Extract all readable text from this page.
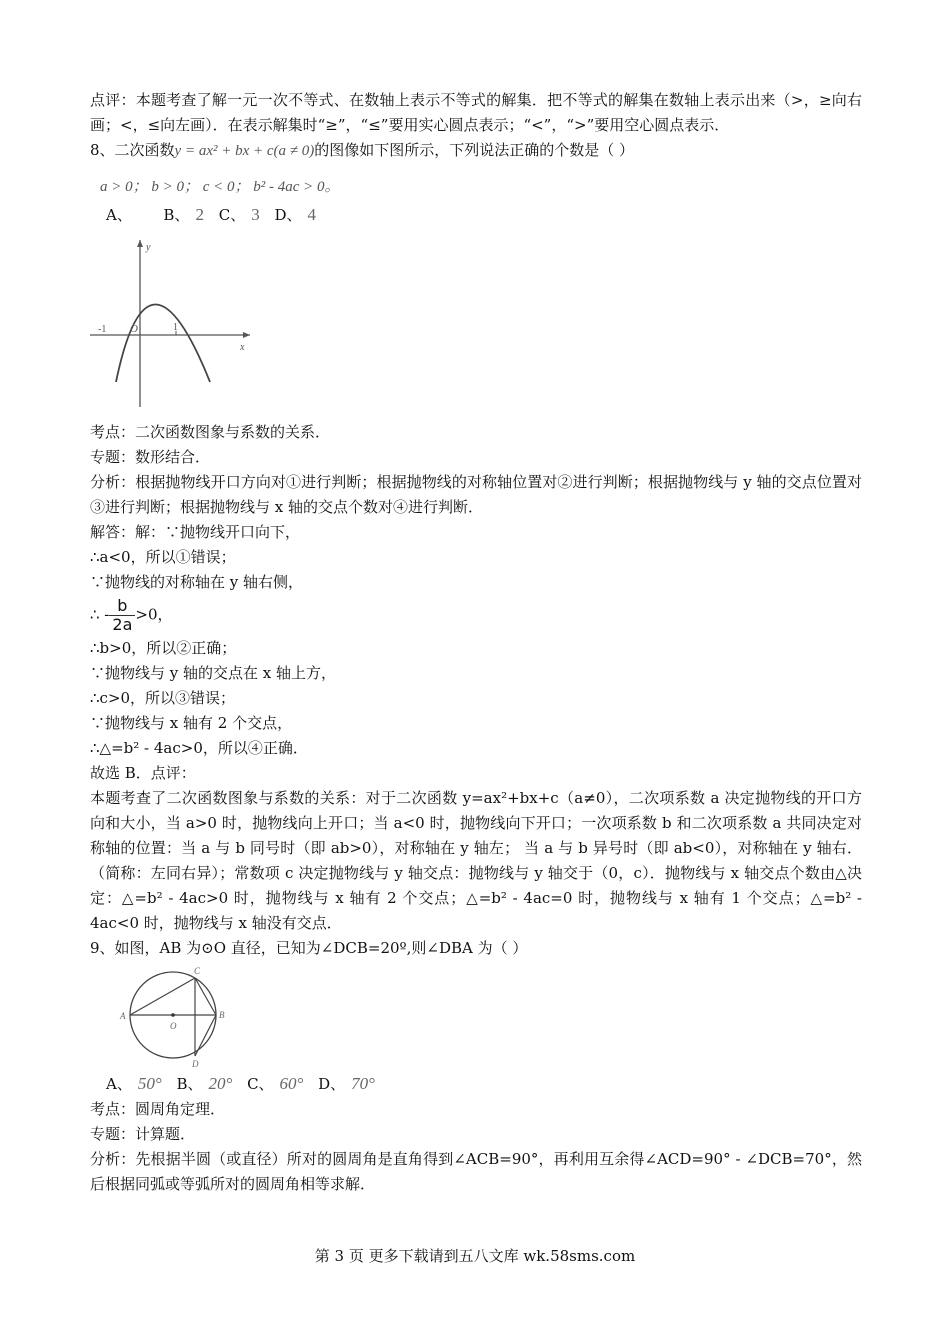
点评：本题考查了解一元一次不等式、在数轴上表示不等式的解集．把不等式的解集在数轴上表示出来（>，≥向右画；<，≤向左画）．在表示解集时“≥”，“≤”要用实心圆点表示；“<”，“>”要用空心圆点表示．

8、二次函数y = ax² + bx + c(a ≠ 0)的图像如下图所示，下列说法正确的个数是（ ）

a > 0； b > 0； c < 0； b² - 4ac > 0。

A、 B、 2 C、 3 D、 4

y
x
-1 O	1

考点：二次函数图象与系数的关系．

专题：数形结合．

分析：根据抛物线开口方向对①进行判断；根据抛物线的对称轴位置对②进行判断；根据抛物线与 y 轴的交点位置对③进行判断；根据抛物线与 x 轴的交点个数对④进行判断．

解答：解：∵抛物线开口向下，

∴a<0，所以①错误；

∵抛物线的对称轴在 y 轴右侧，

∴ - $\frac{b}{2a} >0$，

∴b>0，所以②正确；

∵抛物线与 y 轴的交点在 x 轴上方，

∴c>0，所以③错误；

∵抛物线与 x 轴有 2 个交点，

∴△=b² - 4ac>0，所以④正确．

故选 B．点评：

本题考查了二次函数图象与系数的关系：对于二次函数 y=ax²+bx+c（a≠0），二次项系数 a 决定抛物线的开口方向和大小，当 a>0 时，抛物线向上开口；当 a<0 时，抛物线向下开口；一次项系数 b 和二次项系数 a 共同决定对称轴的位置：当 a 与 b 同号时（即 ab>0），对称轴在 y 轴左； 当 a 与 b 异号时（即 ab<0），对称轴在 y 轴右．（简称：左同右异）；常数项 c 决定抛物线与 y 轴交点：抛物线与 y 轴交于（0，c）．抛物线与 x 轴交点个数由△决定：△=b² - 4ac>0 时，抛物线与 x 轴有 2 个交点；△=b² - 4ac=0 时，抛物线与 x 轴有 1 个交点；△=b² - 4ac<0 时，抛物线与 x 轴没有交点．

9、如图，AB 为⊙O 直径，已知为∠DCB=20º,则∠DBA 为（ ）

A	B
C
D
O

A、 50° B、 20° C、 60° D、 70°

考点：圆周角定理．

专题：计算题．

分析：先根据半圆（或直径）所对的圆周角是直角得到∠ACB=90°，再利用互余得∠ACD=90° - ∠DCB=70°，然后根据同弧或等弧所对的圆周角相等求解．

第 3 页 更多下载请到五八文库 wk.58sms.com
